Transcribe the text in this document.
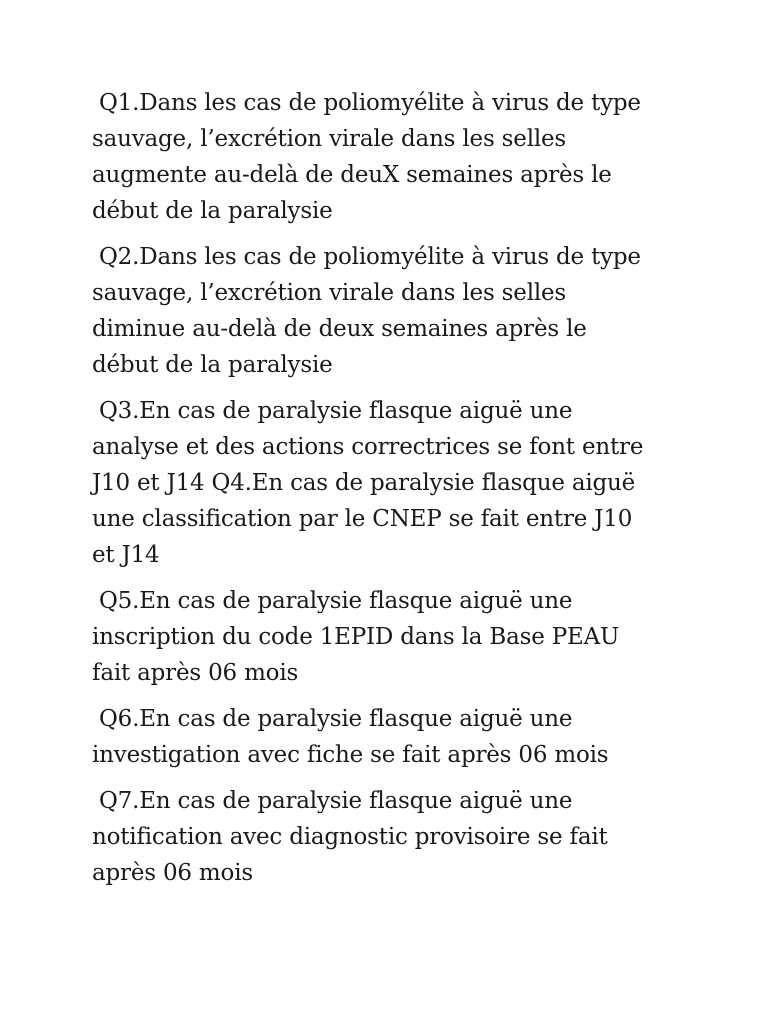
Q1.Dans les cas de poliomyélite à virus de type
sauvage, l’excrétion virale dans les selles
augmente au-delà de deuX semaines après le
début de la paralysie

Q2.Dans les cas de poliomyélite à virus de type
sauvage, l’excrétion virale dans les selles
diminue au-delà de deux semaines après le
début de la paralysie

Q3.En cas de paralysie flasque aiguë une
analyse et des actions correctrices se font entre
J10 et J14 Q4.En cas de paralysie flasque aiguë
une classification par le CNEP se fait entre J10
et J14

Q5.En cas de paralysie flasque aiguë une
inscription du code 1EPID dans la Base PEAU
fait après 06 mois

Q6.En cas de paralysie flasque aiguë une
investigation avec fiche se fait après 06 mois

Q7.En cas de paralysie flasque aiguë une
notification avec diagnostic provisoire se fait
après 06 mois
